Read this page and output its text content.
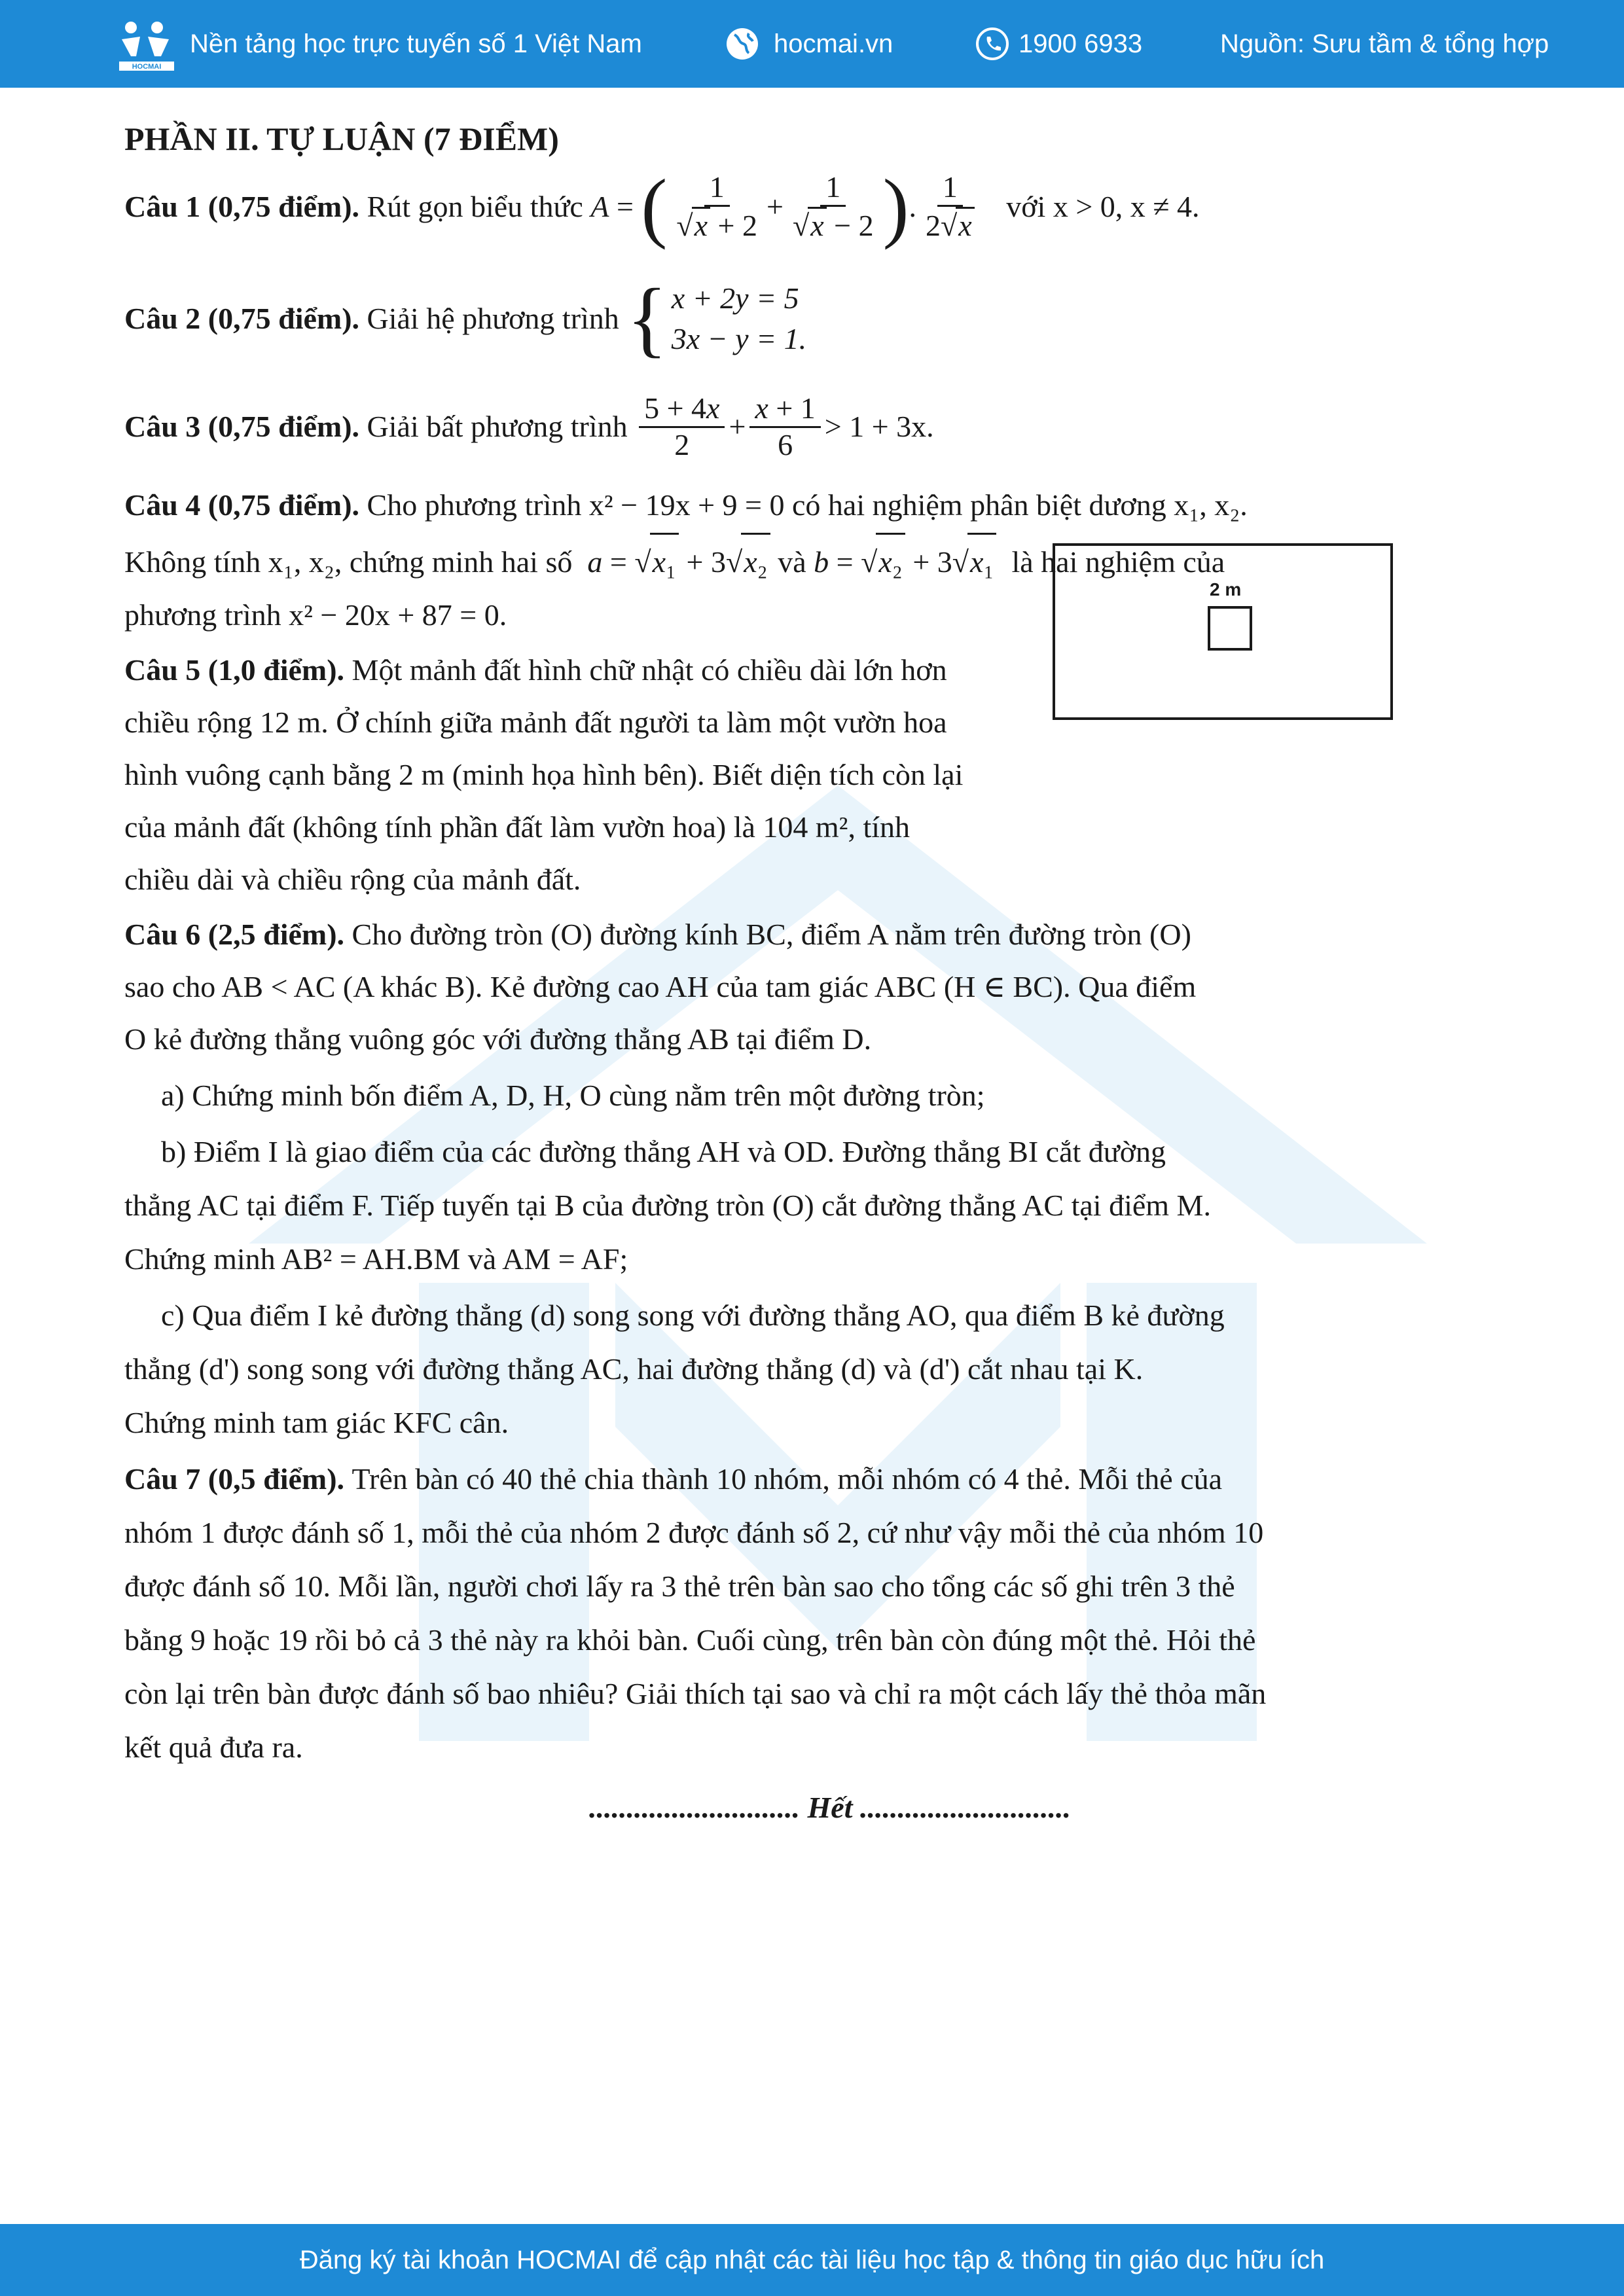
HOCMAI
Nền tảng học trực tuyến số 1 Việt Nam	hocmai.vn	1900 6933	Nguồn: Sưu tầm & tổng hợp
PHẦN II. TỰ LUẬN (7 ĐIỂM)
Câu 1 (0,75 điểm).
Rút gọn biểu thức
A = ( $\frac{1}{√x + 2} + \frac{1}{√x - 2}$ ) . $\frac{1}{2√x}$
với x > 0, x ≠ 4.
Câu 2 (0,75 điểm).
Giải hệ phương trình
{ x + 2y = 5
3x − y = 1.
Câu 3 (0,75 điểm).
Giải bất phương trình
$\frac{5 + 4x}{2} + \frac{x + 1}{6} > 1 + 3x$.
Câu 4 (0,75 điểm). Cho phương trình x² − 19x + 9 = 0 có hai nghiệm phân biệt dương x₁, x₂.
Không tính x₁, x₂, chứng minh hai số a = √x₁ + 3√x₂ và b = √x₂ + 3√x₁ là hai nghiệm của
phương trình x² − 20x + 87 = 0.
Câu 5 (1,0 điểm). Một mảnh đất hình chữ nhật có chiều dài lớn hơn
chiều rộng 12 m. Ở chính giữa mảnh đất người ta làm một vườn hoa
hình vuông cạnh bằng 2 m (minh họa hình bên). Biết diện tích còn lại
của mảnh đất (không tính phần đất làm vườn hoa) là 104 m², tính
chiều dài và chiều rộng của mảnh đất.
Câu 6 (2,5 điểm). Cho đường tròn (O) đường kính BC, điểm A nằm trên đường tròn (O)
sao cho AB < AC (A khác B). Kẻ đường cao AH của tam giác ABC (H ∈ BC). Qua điểm
O kẻ đường thẳng vuông góc với đường thẳng AB tại điểm D.
a) Chứng minh bốn điểm A, D, H, O cùng nằm trên một đường tròn;
b) Điểm I là giao điểm của các đường thẳng AH và OD. Đường thẳng BI cắt đường
thẳng AC tại điểm F. Tiếp tuyến tại B của đường tròn (O) cắt đường thẳng AC tại điểm M.
Chứng minh AB² = AH.BM và AM = AF;
c) Qua điểm I kẻ đường thẳng (d) song song với đường thẳng AO, qua điểm B kẻ đường
thẳng (d') song song với đường thẳng AC, hai đường thẳng (d) và (d') cắt nhau tại K.
Chứng minh tam giác KFC cân.
Câu 7 (0,5 điểm). Trên bàn có 40 thẻ chia thành 10 nhóm, mỗi nhóm có 4 thẻ. Mỗi thẻ của
nhóm 1 được đánh số 1, mỗi thẻ của nhóm 2 được đánh số 2, cứ như vậy mỗi thẻ của nhóm 10
được đánh số 10. Mỗi lần, người chơi lấy ra 3 thẻ trên bàn sao cho tổng các số ghi trên 3 thẻ
bằng 9 hoặc 19 rồi bỏ cả 3 thẻ này ra khỏi bàn. Cuối cùng, trên bàn còn đúng một thẻ. Hỏi thẻ
còn lại trên bàn được đánh số bao nhiêu? Giải thích tại sao và chỉ ra một cách lấy thẻ thỏa mãn
kết quả đưa ra.
............................ Hết ............................
2 m
Đăng ký tài khoản HOCMAI để cập nhật các tài liệu học tập & thông tin giáo dục hữu ích
